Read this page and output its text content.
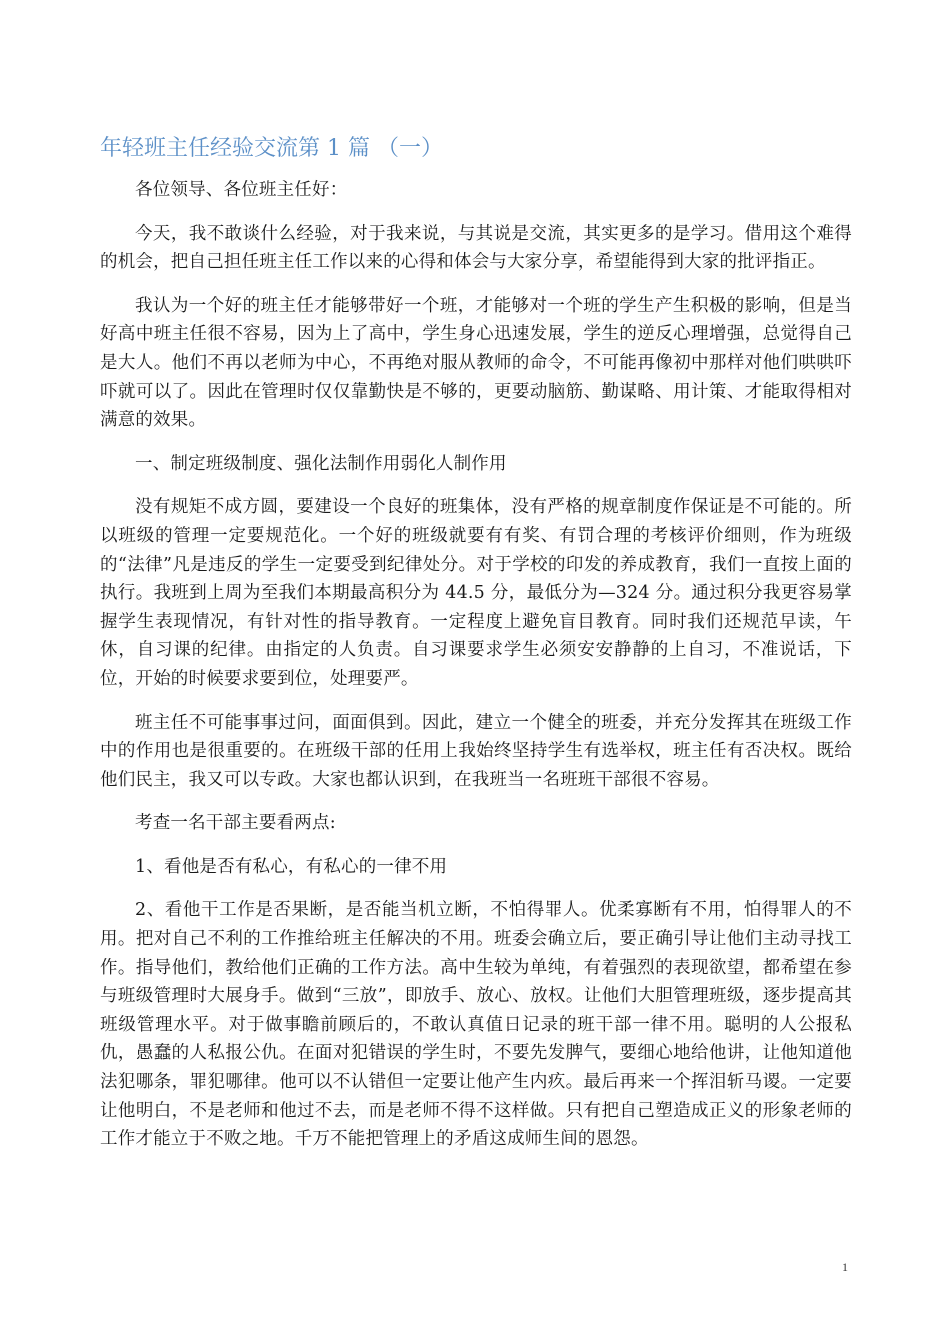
年轻班主任经验交流第 1 篇 （一）

各位领导、各位班主任好：

今天，我不敢谈什么经验，对于我来说，与其说是交流，其实更多的是学习。借用这个难得的机会，把自己担任班主任工作以来的心得和体会与大家分享，希望能得到大家的批评指正。

我认为一个好的班主任才能够带好一个班，才能够对一个班的学生产生积极的影响，但是当好高中班主任很不容易，因为上了高中，学生身心迅速发展，学生的逆反心理增强，总觉得自己是大人。他们不再以老师为中心，不再绝对服从教师的命令，不可能再像初中那样对他们哄哄吓吓就可以了。因此在管理时仅仅靠勤快是不够的，更要动脑筋、勤谋略、用计策、才能取得相对满意的效果。

一、制定班级制度、强化法制作用弱化人制作用

没有规矩不成方圆，要建设一个良好的班集体，没有严格的规章制度作保证是不可能的。所以班级的管理一定要规范化。一个好的班级就要有有奖、有罚合理的考核评价细则，作为班级的“法律”凡是违反的学生一定要受到纪律处分。对于学校的印发的养成教育，我们一直按上面的执行。我班到上周为至我们本期最高积分为 44.5 分，最低分为—324 分。通过积分我更容易掌握学生表现情况，有针对性的指导教育。一定程度上避免盲目教育。同时我们还规范早读，午休，自习课的纪律。由指定的人负责。自习课要求学生必须安安静静的上自习，不准说话，下位，开始的时候要求要到位，处理要严。

班主任不可能事事过问，面面俱到。因此，建立一个健全的班委，并充分发挥其在班级工作中的作用也是很重要的。在班级干部的任用上我始终坚持学生有选举权，班主任有否决权。既给他们民主，我又可以专政。大家也都认识到，在我班当一名班班干部很不容易。

考查一名干部主要看两点:

1、看他是否有私心，有私心的一律不用

2、看他干工作是否果断，是否能当机立断，不怕得罪人。优柔寡断有不用，怕得罪人的不用。把对自己不利的工作推给班主任解决的不用。班委会确立后，要正确引导让他们主动寻找工作。指导他们，教给他们正确的工作方法。高中生较为单纯，有着强烈的表现欲望，都希望在参与班级管理时大展身手。做到“三放”，即放手、放心、放权。让他们大胆管理班级，逐步提高其班级管理水平。对于做事瞻前顾后的，不敢认真值日记录的班干部一律不用。聪明的人公报私仇，愚蠢的人私报公仇。在面对犯错误的学生时，不要先发脾气，要细心地给他讲，让他知道他法犯哪条，罪犯哪律。他可以不认错但一定要让他产生内疚。最后再来一个挥泪斩马谡。一定要让他明白，不是老师和他过不去，而是老师不得不这样做。只有把自己塑造成正义的形象老师的工作才能立于不败之地。千万不能把管理上的矛盾这成师生间的恩怨。

1
